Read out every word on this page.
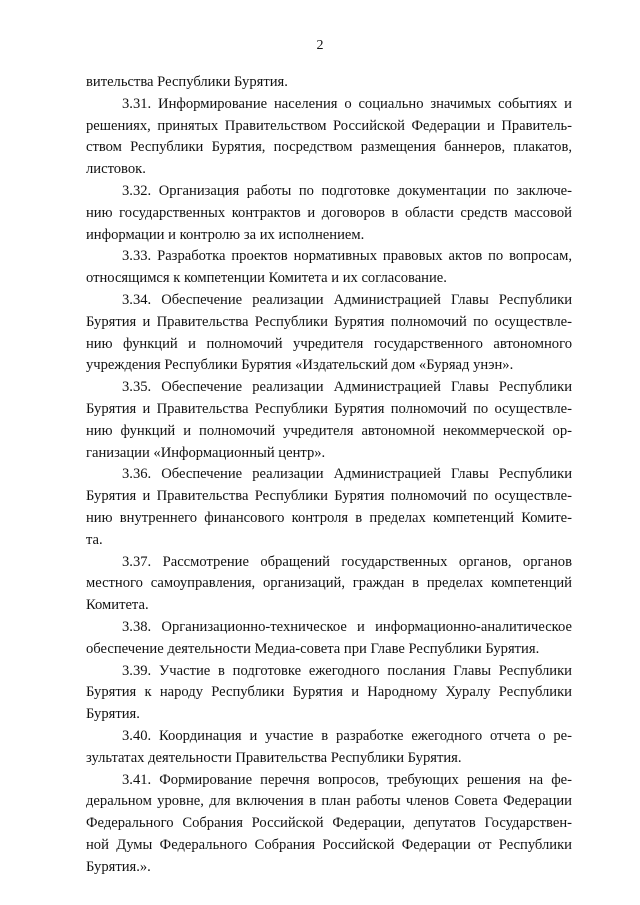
2
вительства Республики Бурятия.
3.31. Информирование населения о социально значимых событиях и
решениях, принятых Правительством Российской Федерации и Правитель-
ством Республики Бурятия, посредством размещения баннеров, плакатов,
листовок.
3.32. Организация работы по подготовке документации по заключе-
нию государственных контрактов и договоров в области средств массовой
информации и контролю за их исполнением.
3.33. Разработка проектов нормативных правовых актов по вопросам,
относящимся к компетенции Комитета и их согласование.
3.34. Обеспечение реализации Администрацией Главы Республики
Бурятия и Правительства Республики Бурятия полномочий по осуществле-
нию функций и полномочий учредителя государственного автономного
учреждения Республики Бурятия «Издательский дом «Буряад унэн».
3.35. Обеспечение реализации Администрацией Главы Республики
Бурятия и Правительства Республики Бурятия полномочий по осуществле-
нию функций и полномочий учредителя автономной некоммерческой ор-
ганизации «Информационный центр».
3.36. Обеспечение реализации Администрацией Главы Республики
Бурятия и Правительства Республики Бурятия полномочий по осуществле-
нию внутреннего финансового контроля в пределах компетенций Комите-
та.
3.37. Рассмотрение обращений государственных органов, органов
местного самоуправления, организаций, граждан в пределах компетенций
Комитета.
3.38. Организационно-техническое и информационно-аналитическое
обеспечение деятельности Медиа-совета при Главе Республики Бурятия.
3.39. Участие в подготовке ежегодного послания Главы Республики
Бурятия к народу Республики Бурятия и Народному Хуралу Республики
Бурятия.
3.40. Координация и участие в разработке ежегодного отчета о ре-
зультатах деятельности Правительства Республики Бурятия.
3.41. Формирование перечня вопросов, требующих решения на фе-
деральном уровне, для включения в план работы членов Совета Федерации
Федерального Собрания Российской Федерации, депутатов Государствен-
ной Думы Федерального Собрания Российской Федерации от Республики
Бурятия.».
